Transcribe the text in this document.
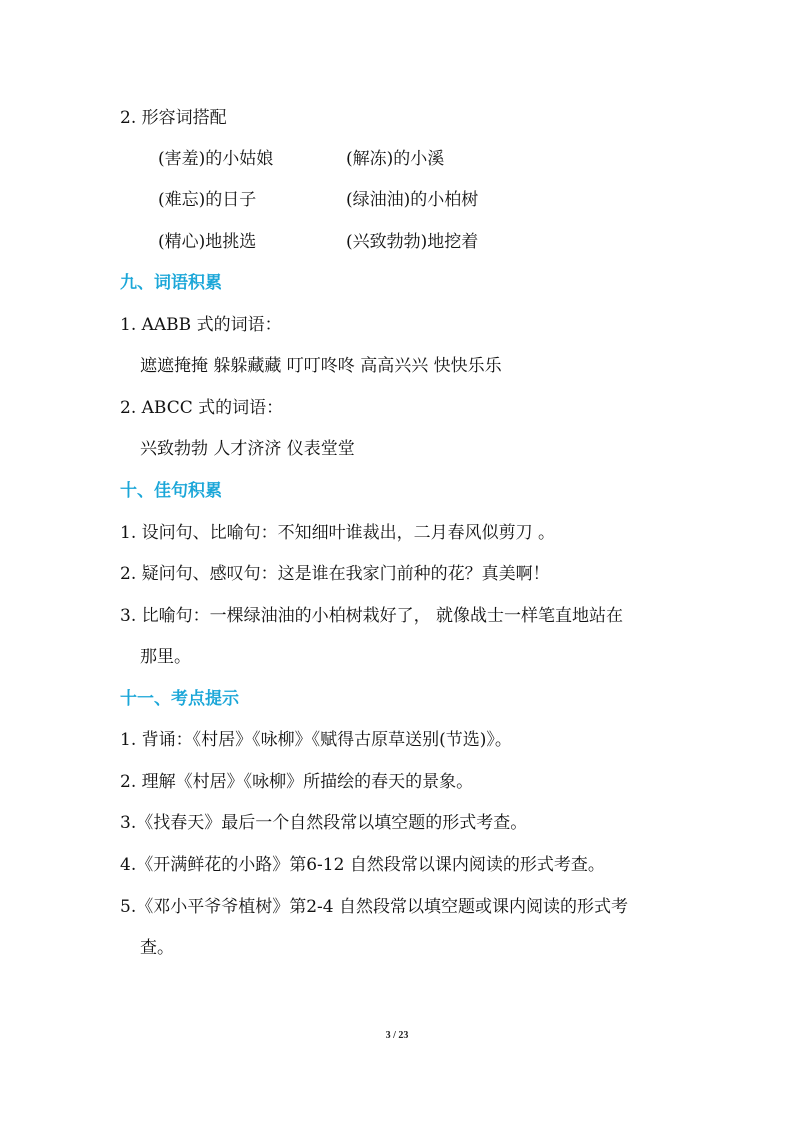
2. 形容词搭配
(害羞)的小姑娘	(解冻)的小溪
(难忘)的日子	(绿油油)的小柏树
(精心)地挑选	(兴致勃勃)地挖着
九、词语积累
1. AABB 式的词语：
遮遮掩掩 躲躲藏藏 叮叮咚咚 高高兴兴 快快乐乐
2. ABCC 式的词语：
兴致勃勃 人才济济 仪表堂堂
十、佳句积累
1. 设问句、比喻句：不知细叶谁裁出，二月春风似剪刀 。
2. 疑问句、感叹句：这是谁在我家门前种的花？真美啊！
3. 比喻句：一棵绿油油的小柏树栽好了， 就像战士一样笔直地站在
那里。
十一、考点提示
1. 背诵：《村居》《咏柳》《赋得古原草送别(节选)》。
2. 理解《村居》《咏柳》所描绘的春天的景象。
3.《找春天》最后一个自然段常以填空题的形式考查。
4.《开满鲜花的小路》第6-12 自然段常以课内阅读的形式考查。
5.《邓小平爷爷植树》第2-4 自然段常以填空题或课内阅读的形式考
查。
3 / 23
